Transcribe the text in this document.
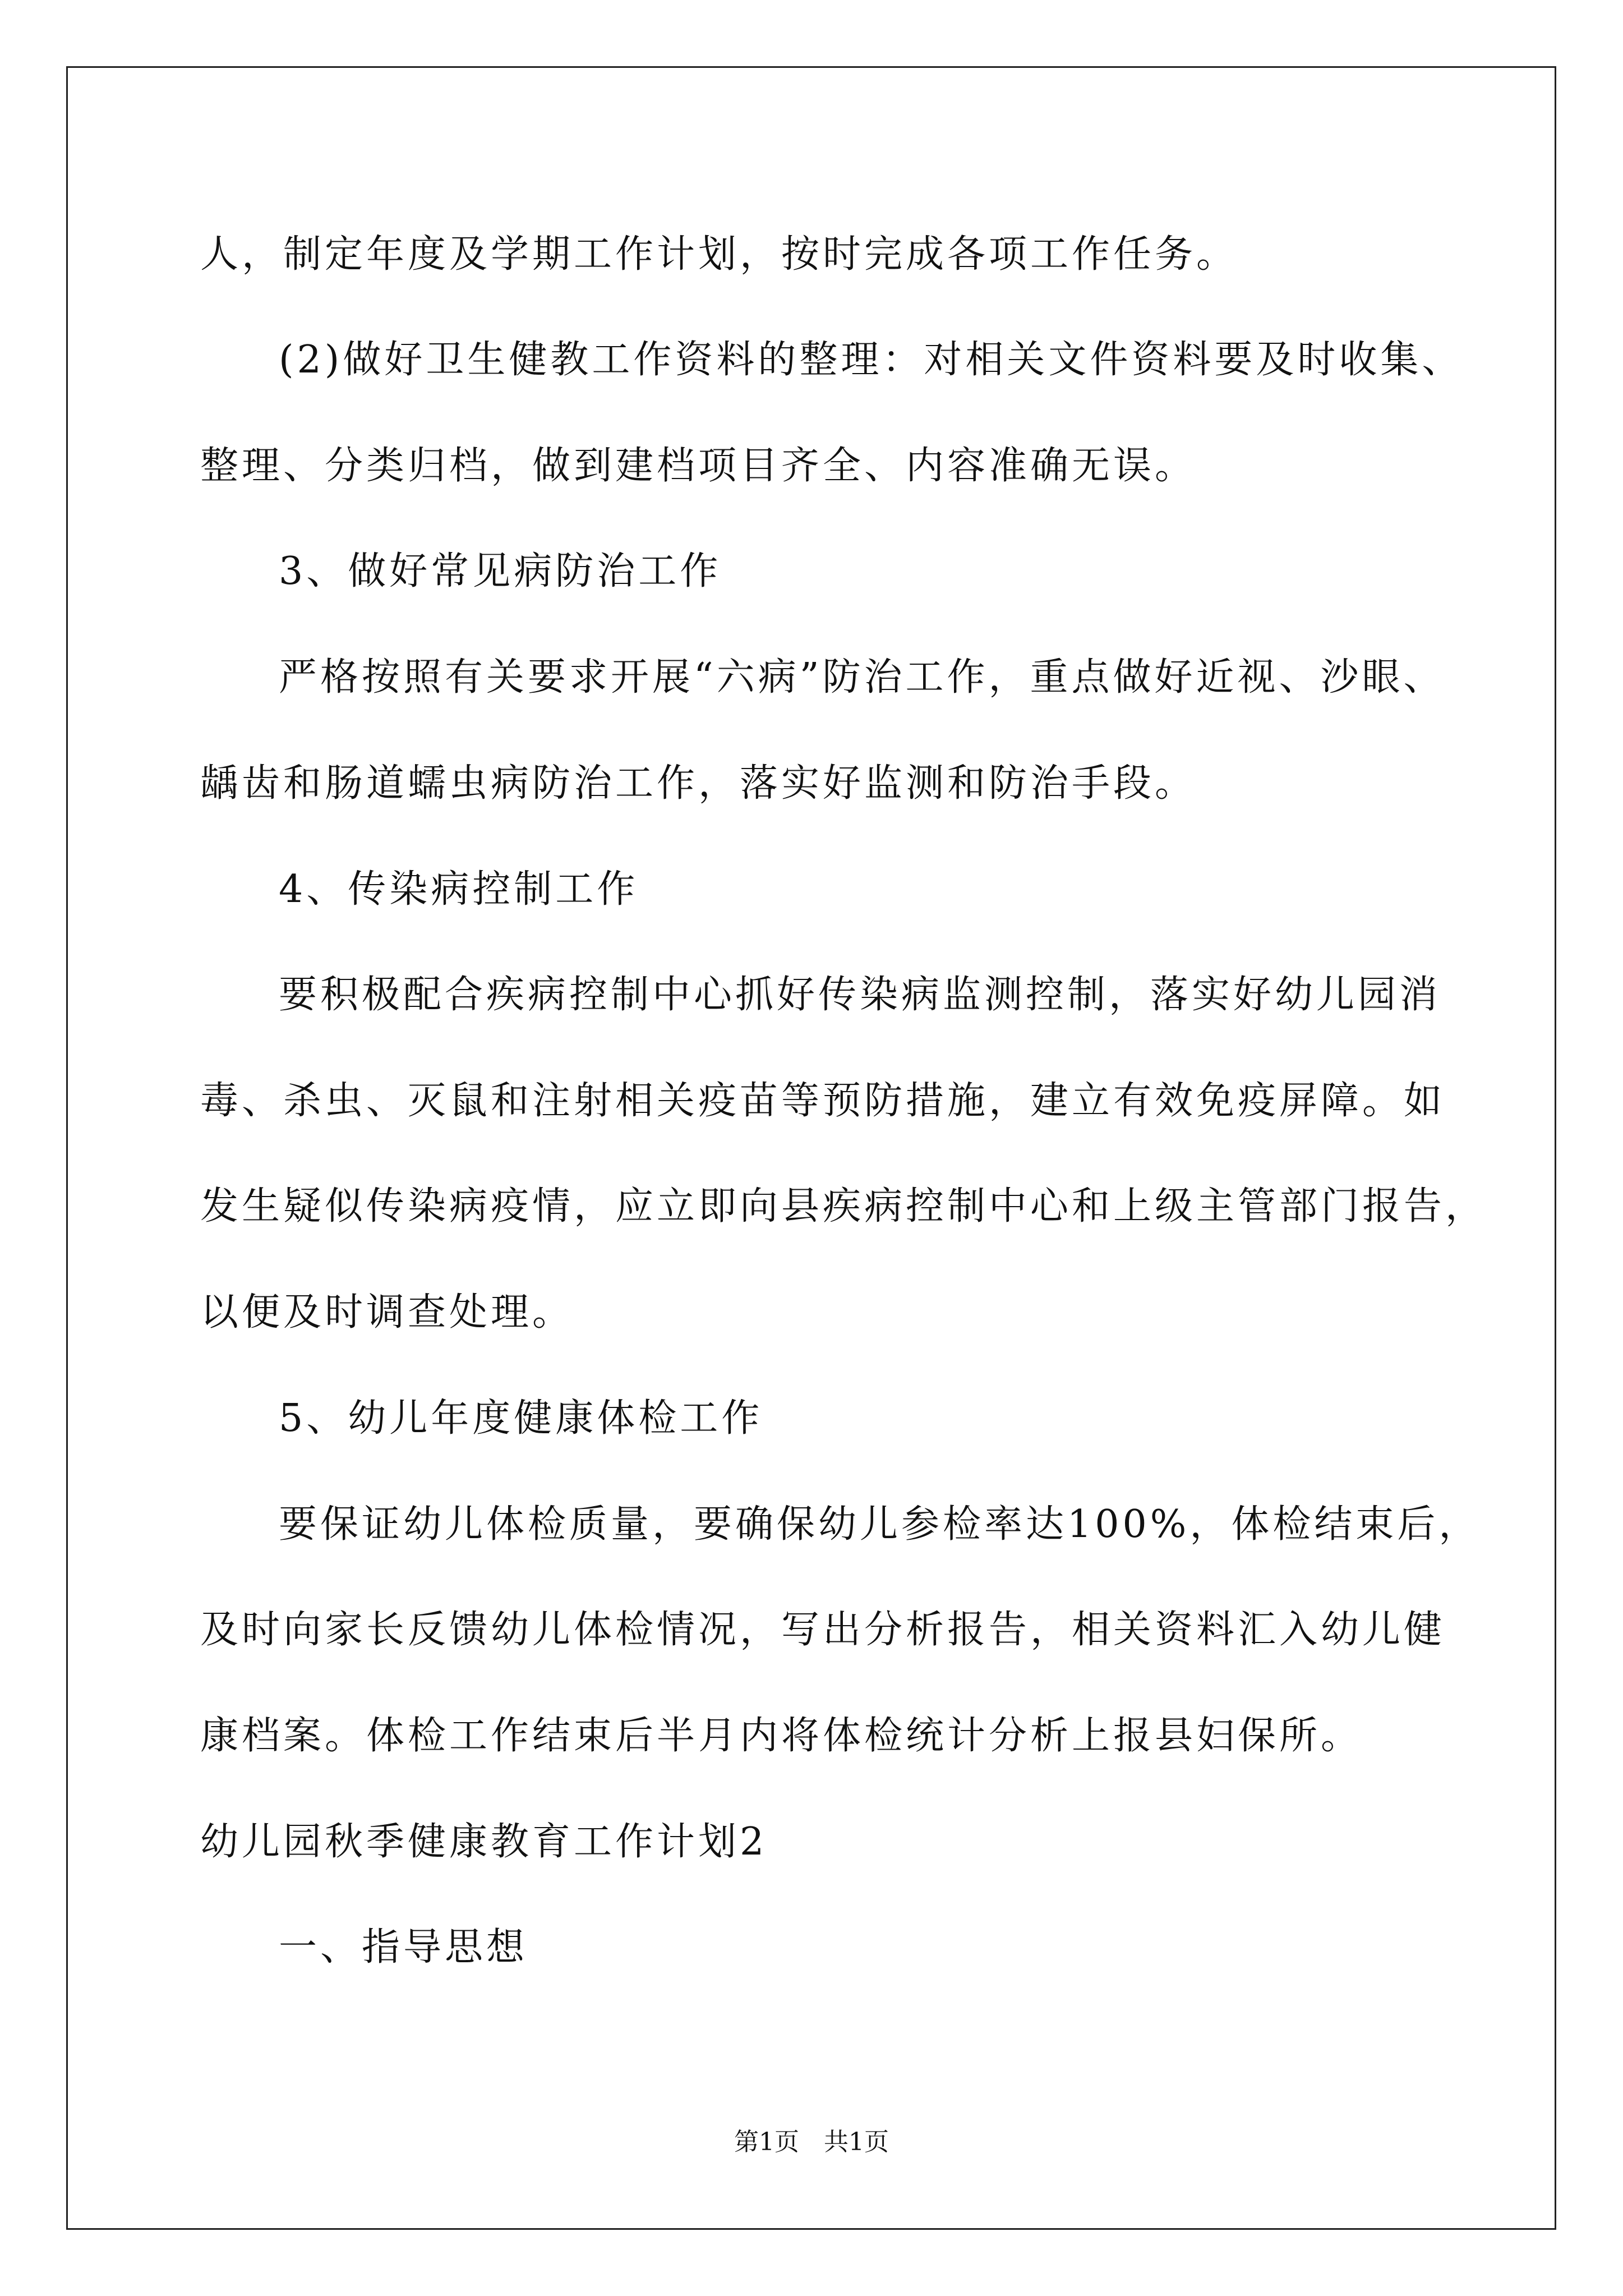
人，制定年度及学期工作计划，按时完成各项工作任务。
(2)做好卫生健教工作资料的整理：对相关文件资料要及时收集、
整理、分类归档，做到建档项目齐全、内容准确无误。
3、做好常见病防治工作
严格按照有关要求开展“六病”防治工作，重点做好近视、沙眼、
龋齿和肠道蠕虫病防治工作，落实好监测和防治手段。
4、传染病控制工作
要积极配合疾病控制中心抓好传染病监测控制，落实好幼儿园消
毒、杀虫、灭鼠和注射相关疫苗等预防措施，建立有效免疫屏障。如
发生疑似传染病疫情，应立即向县疾病控制中心和上级主管部门报告，
以便及时调查处理。
5、幼儿年度健康体检工作
要保证幼儿体检质量，要确保幼儿参检率达100%，体检结束后，
及时向家长反馈幼儿体检情况，写出分析报告，相关资料汇入幼儿健
康档案。体检工作结束后半月内将体检统计分析上报县妇保所。
幼儿园秋季健康教育工作计划2
一、指导思想
第1页　共1页
